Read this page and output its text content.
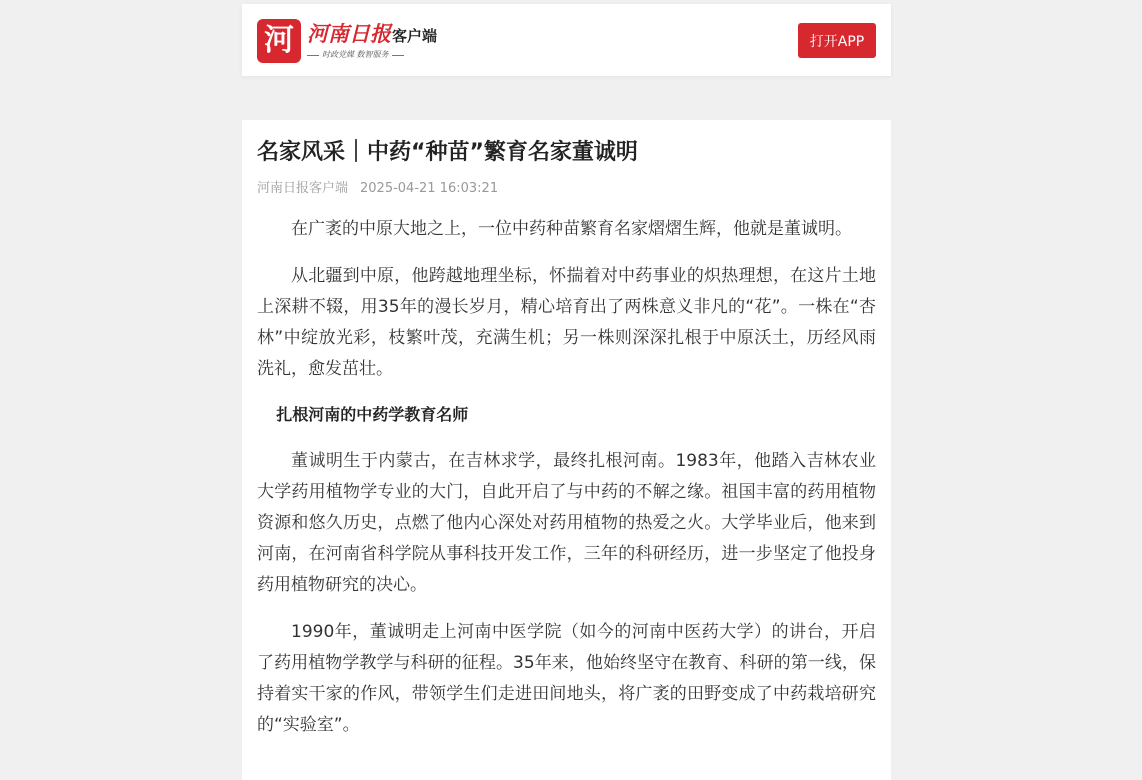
河 河南日报 客户端
时政党媒 数智服务
打开APP
名家风采｜中药“种苗”繁育名家董诚明
河南日报客户端 2025-04-21 16:03:21

在广袤的中原大地之上，一位中药种苗繁育名家熠熠生辉，他就是董诚明。

从北疆到中原，他跨越地理坐标，怀揣着对中药事业的炽热理想，在这片土地上深耕不辍，用35年的漫长岁月，精心培育出了两株意义非凡的“花”。一株在“杏林”中绽放光彩，枝繁叶茂，充满生机；另一株则深深扎根于中原沃土，历经风雨洗礼，愈发茁壮。

扎根河南的中药学教育名师

董诚明生于内蒙古，在吉林求学，最终扎根河南。1983年，他踏入吉林农业大学药用植物学专业的大门，自此开启了与中药的不解之缘。祖国丰富的药用植物资源和悠久历史，点燃了他内心深处对药用植物的热爱之火。大学毕业后，他来到河南，在河南省科学院从事科技开发工作，三年的科研经历，进一步坚定了他投身药用植物研究的决心。

1990年，董诚明走上河南中医学院（如今的河南中医药大学）的讲台，开启了药用植物学教学与科研的征程。35年来，他始终坚守在教育、科研的第一线，保持着实干家的作风，带领学生们走进田间地头，将广袤的田野变成了中药栽培研究的“实验室”。
